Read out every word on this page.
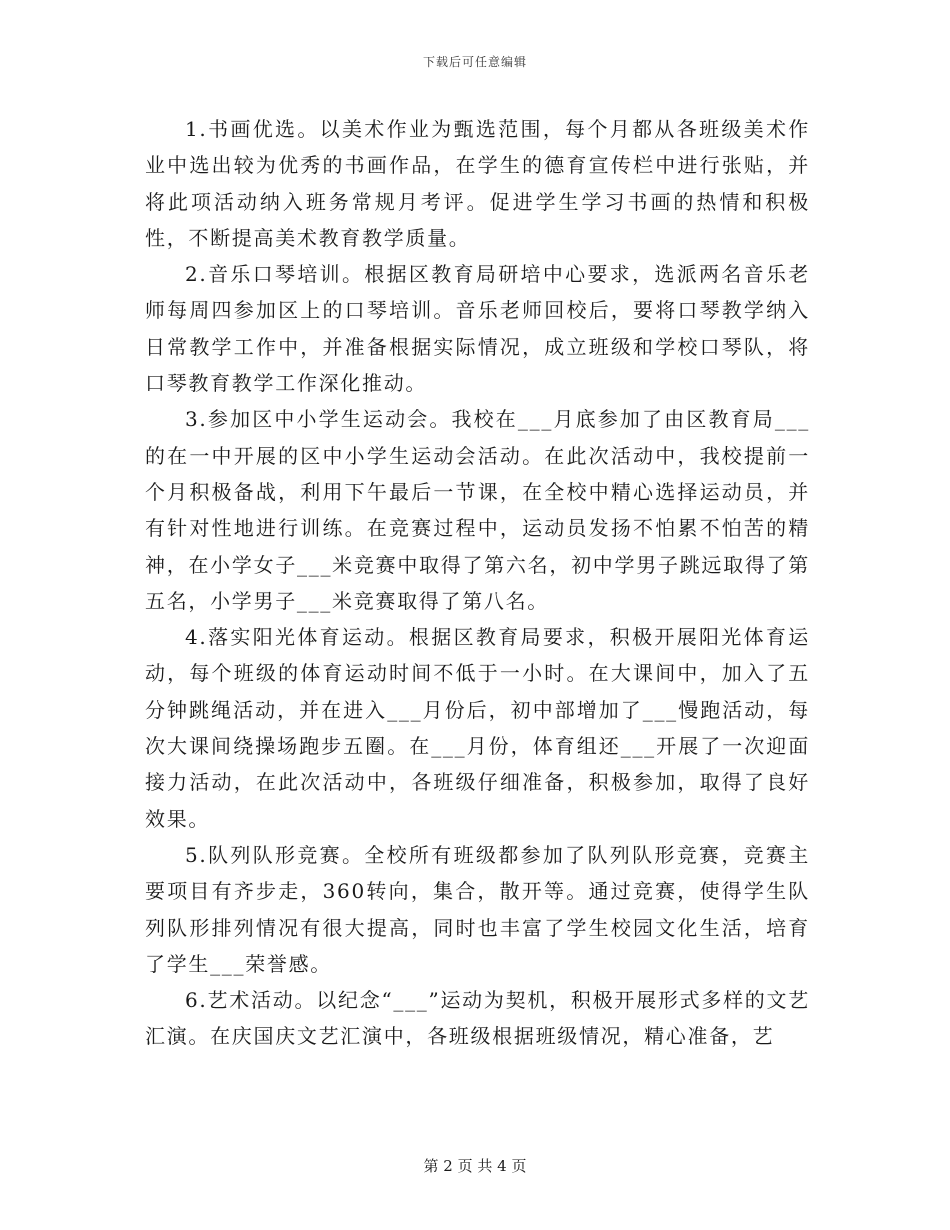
下载后可任意编辑

1.书画优选。以美术作业为甄选范围，每个月都从各班级美术作业中选出较为优秀的书画作品，在学生的德育宣传栏中进行张贴，并将此项活动纳入班务常规月考评。促进学生学习书画的热情和积极性，不断提高美术教育教学质量。

2.音乐口琴培训。根据区教育局研培中心要求，选派两名音乐老师每周四参加区上的口琴培训。音乐老师回校后，要将口琴教学纳入日常教学工作中，并准备根据实际情况，成立班级和学校口琴队，将口琴教育教学工作深化推动。

3.参加区中小学生运动会。我校在___月底参加了由区教育局___的在一中开展的区中小学生运动会活动。在此次活动中，我校提前一个月积极备战，利用下午最后一节课，在全校中精心选择运动员，并有针对性地进行训练。在竞赛过程中，运动员发扬不怕累不怕苦的精神，在小学女子___米竞赛中取得了第六名，初中学男子跳远取得了第五名，小学男子___米竞赛取得了第八名。

4.落实阳光体育运动。根据区教育局要求，积极开展阳光体育运动，每个班级的体育运动时间不低于一小时。在大课间中，加入了五分钟跳绳活动，并在进入___月份后，初中部增加了___慢跑活动，每次大课间绕操场跑步五圈。在___月份，体育组还___开展了一次迎面接力活动，在此次活动中，各班级仔细准备，积极参加，取得了良好效果。

5.队列队形竞赛。全校所有班级都参加了队列队形竞赛，竞赛主要项目有齐步走，360转向，集合，散开等。通过竞赛，使得学生队列队形排列情况有很大提高，同时也丰富了学生校园文化生活，培育了学生___荣誉感。

6.艺术活动。以纪念“___”运动为契机，积极开展形式多样的文艺汇演。在庆国庆文艺汇演中，各班级根据班级情况，精心准备，艺

第 2 页 共 4 页
